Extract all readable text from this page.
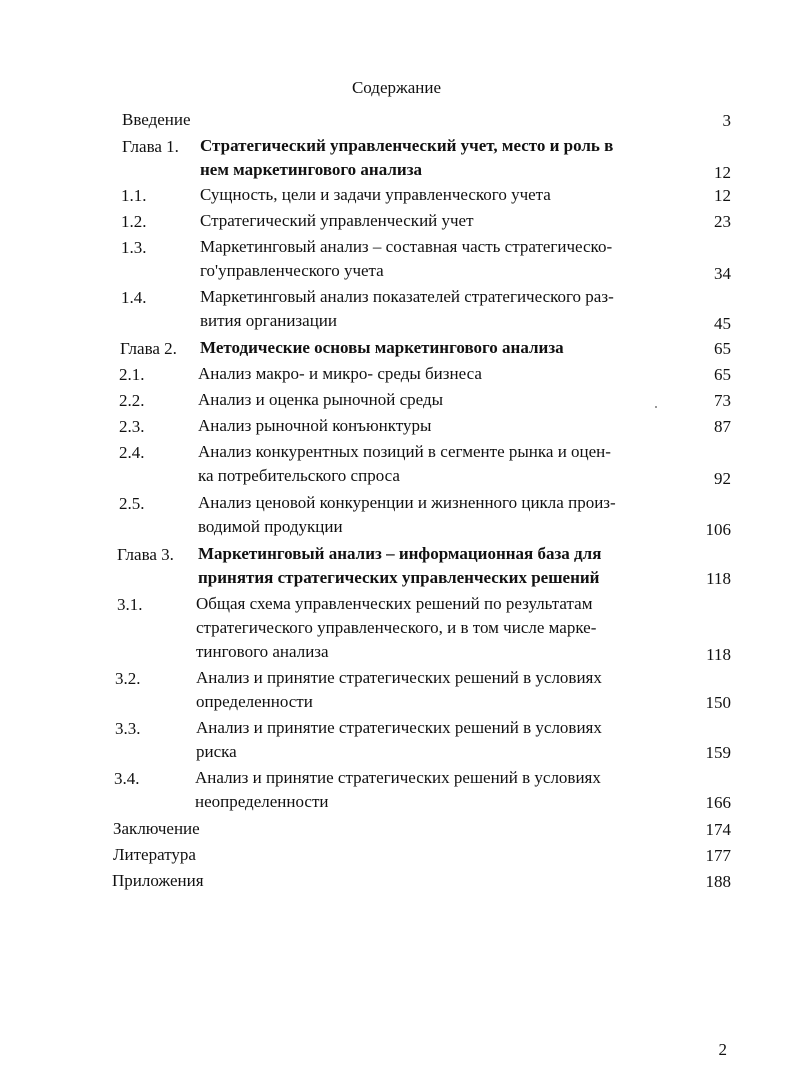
Содержание
Введение	3
Глава 1. Стратегический управленческий учет, место и роль в
нем маркетингового анализа	12
1.1.	Сущность, цели и задачи управленческого учета	12
1.2.	Стратегический управленческий учет	23
1.3.	Маркетинговый анализ – составная часть стратегическо-
го'управленческого учета	34
1.4.	Маркетинговый анализ показателей стратегического раз-
вития организации	45
Глава 2. Методические основы маркетингового анализа	65
2.1.	Анализ макро- и микро- среды бизнеса	65
2.2.	Анализ и оценка рыночной среды	73
2.3.	Анализ рыночной конъюнктуры	87
2.4.	Анализ конкурентных позиций в сегменте рынка и оцен-
ка потребительского спроса	92
2.5.	Анализ ценовой конкуренции и жизненного цикла произ-
водимой продукции	106
Глава 3. Маркетинговый анализ – информационная база для
принятия стратегических управленческих решений	118
3.1.	Общая схема управленческих решений по результатам
стратегического управленческого, и в том числе марке-
тингового анализа	118
3.2.	Анализ и принятие стратегических решений в условиях
определенности	150
3.3.	Анализ и принятие стратегических решений в условиях
риска	159
3.4.	Анализ и принятие стратегических решений в условиях
неопределенности	166
Заключение	174
Литература	177
Приложения	188
2
